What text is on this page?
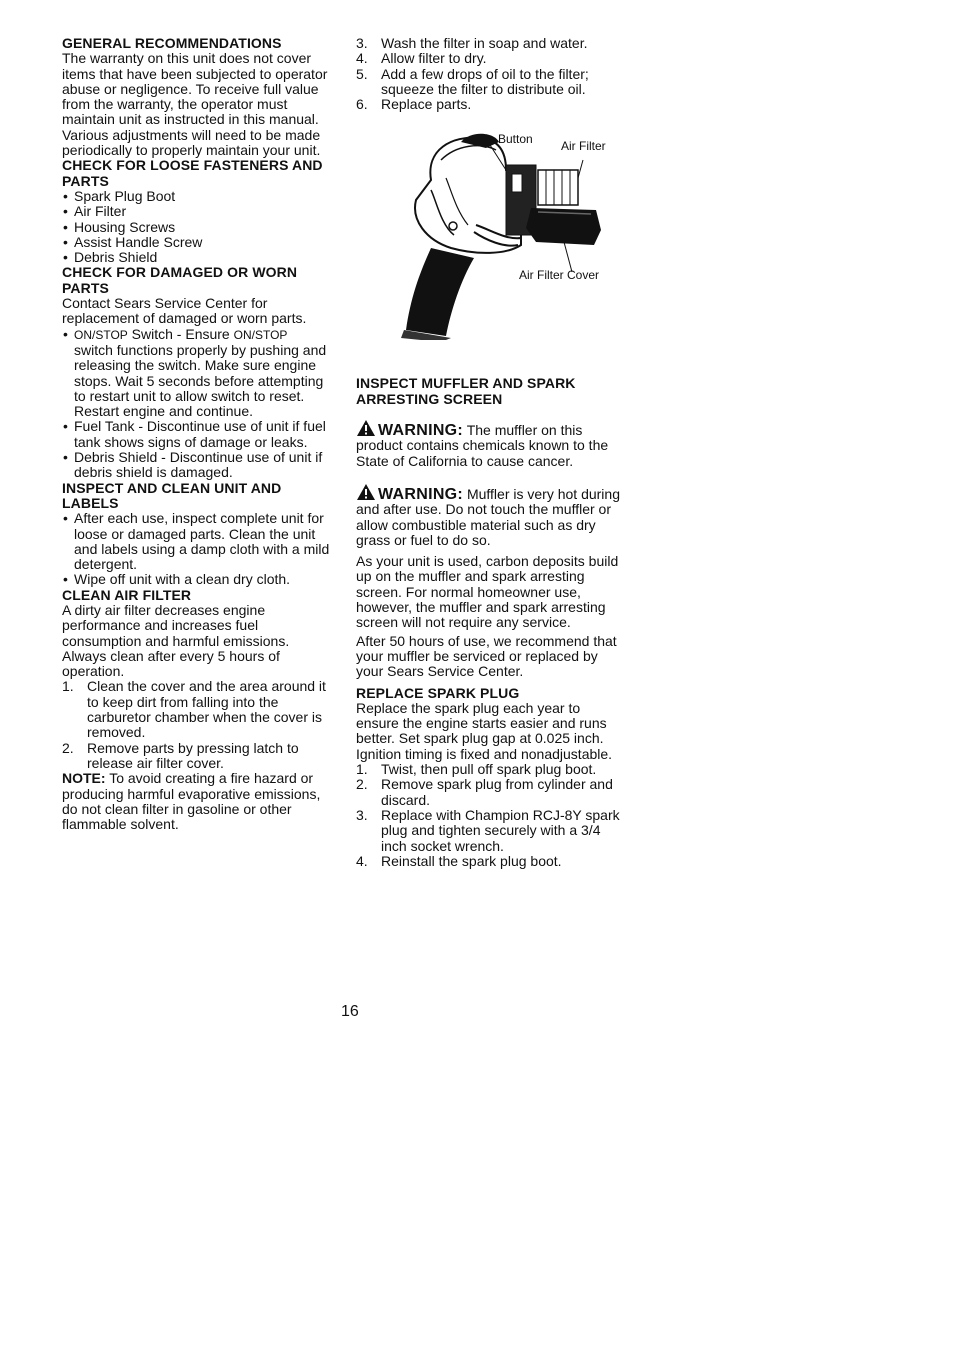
GENERAL RECOMMENDATIONS

The warranty on this unit does not cover items that have been subjected to operator abuse or negligence. To receive full value from the warranty, the operator must maintain unit as instructed in this manual. Various adjustments will need to be made periodically to properly maintain your unit.

CHECK FOR LOOSE FASTENERS AND PARTS
• Spark Plug Boot
• Air Filter
• Housing Screws
• Assist Handle Screw
• Debris Shield
CHECK FOR DAMAGED OR WORN PARTS

Contact Sears Service Center for replacement of damaged or worn parts.

• ON/STOP Switch - Ensure ON/STOP switch functions properly by pushing and releasing the switch. Make sure engine stops. Wait 5 seconds before attempting to restart unit to allow switch to reset. Restart engine and continue.
• Fuel Tank - Discontinue use of unit if fuel tank shows signs of damage or leaks.
• Debris Shield - Discontinue use of unit if debris shield is damaged.
INSPECT AND CLEAN UNIT AND LABELS
• After each use, inspect complete unit for loose or damaged parts. Clean the unit and labels using a damp cloth with a mild detergent.
• Wipe off unit with a clean dry cloth.
CLEAN AIR FILTER

A dirty air filter decreases engine performance and increases fuel consumption and harmful emissions. Always clean after every 5 hours of operation.

1. Clean the cover and the area around it to keep dirt from falling into the carburetor chamber when the cover is removed.
2. Remove parts by pressing latch to release air filter cover.

NOTE: To avoid creating a fire hazard or producing harmful evaporative emissions, do not clean filter in gasoline or other flammable solvent.

3. Wash the filter in soap and water.
4. Allow filter to dry.
5. Add a few drops of oil to the filter; squeeze the filter to distribute oil.
6. Replace parts.
Button Air Filter
Air Filter Cover
INSPECT MUFFLER AND SPARK ARRESTING SCREEN

WARNING: The muffler on this product contains chemicals known to the State of California to cause cancer.

WARNING: Muffler is very hot during and after use. Do not touch the muffler or allow combustible material such as dry grass or fuel to do so.

As your unit is used, carbon deposits build up on the muffler and spark arresting screen. For normal homeowner use, however, the muffler and spark arresting screen will not require any service.

After 50 hours of use, we recommend that your muffler be serviced or replaced by your Sears Service Center.

REPLACE SPARK PLUG

Replace the spark plug each year to ensure the engine starts easier and runs better. Set spark plug gap at 0.025 inch. Ignition timing is fixed and nonadjustable.

1. Twist, then pull off spark plug boot.
2. Remove spark plug from cylinder and discard.
3. Replace with Champion RCJ-8Y spark plug and tighten securely with a 3/4 inch socket wrench.
4. Reinstall the spark plug boot.
16
